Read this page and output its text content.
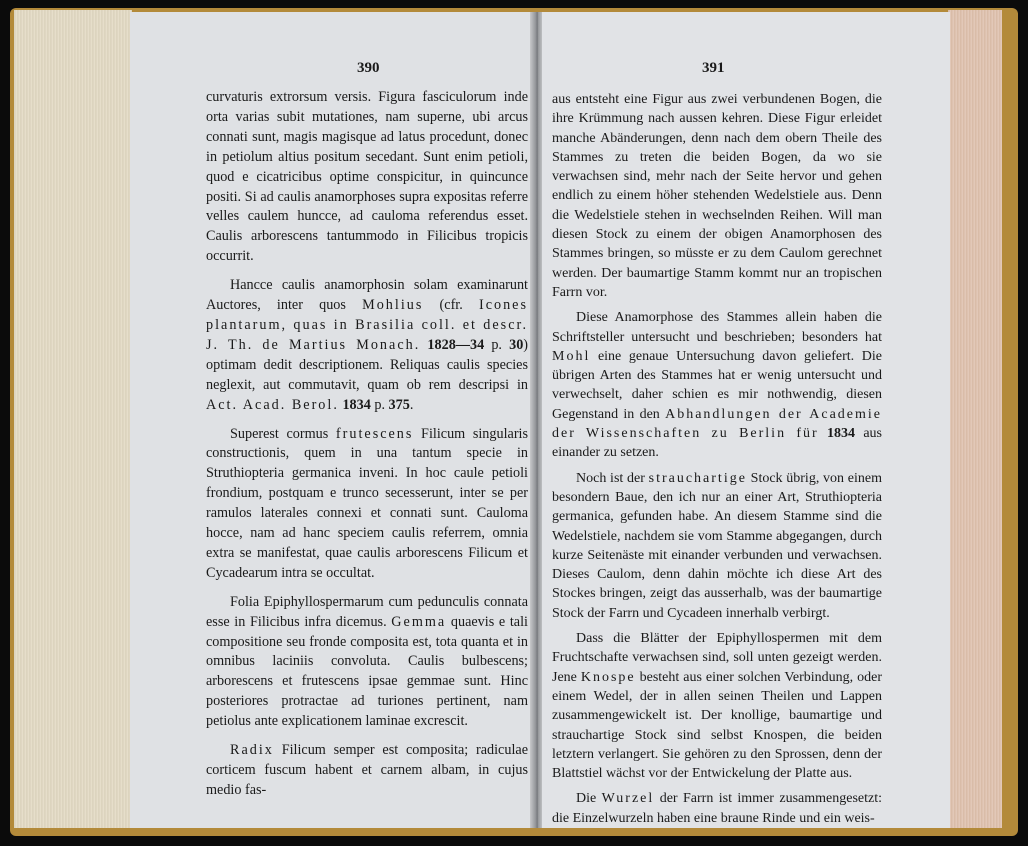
390

curvaturis extrorsum versis. Figura fasciculorum inde orta varias subit mutationes, nam superne, ubi arcus connati sunt, magis magisque ad latus procedunt, donec in petiolum altius positum secedant. Sunt enim petioli, quod e cicatricibus optime conspicitur, in quincunce positi. Si ad caulis anamorphoses supra expositas referre velles caulem huncce, ad cauloma referendus esset. Caulis arborescens tantummodo in Filicibus tropicis occurrit.

Hancce caulis anamorphosin solam examinarunt Auctores, inter quos Mohlius (cfr. Icones plantarum, quas in Brasilia coll. et descr. J. Th. de Martius Monach. 1828—34 p. 30) optimam dedit descriptionem. Reliquas caulis species neglexit, aut commutavit, quam ob rem descripsi in Act. Acad. Berol. 1834 p. 375.

Superest cormus frutescens Filicum singularis constructionis, quem in una tantum specie in Struthiopteria germanica inveni. In hoc caule petioli frondium, postquam e trunco secesserunt, inter se per ramulos laterales connexi et connati sunt. Cauloma hocce, nam ad hanc speciem caulis referrem, omnia extra se manifestat, quae caulis arborescens Filicum et Cycadearum intra se occultat.

Folia Epiphyllospermarum cum pedunculis connata esse in Filicibus infra dicemus. Gemma quaevis e tali compositione seu fronde composita est, tota quanta et in omnibus laciniis convoluta. Caulis bulbescens; arborescens et frutescens ipsae gemmae sunt. Hinc posteriores protractae ad turiones pertinent, nam petiolus ante explicationem laminae excrescit.

Radix Filicum semper est composita; radiculae corticem fuscum habent et carnem albam, in cujus medio fas-

391

aus entsteht eine Figur aus zwei verbundenen Bogen, die ihre Krümmung nach aussen kehren. Diese Figur erleidet manche Abänderungen, denn nach dem obern Theile des Stammes zu treten die beiden Bogen, da wo sie verwachsen sind, mehr nach der Seite hervor und gehen endlich zu einem höher stehenden Wedelstiele aus. Denn die Wedelstiele stehen in wechselnden Reihen. Will man diesen Stock zu einem der obigen Anamorphosen des Stammes bringen, so müsste er zu dem Caulom gerechnet werden. Der baumartige Stamm kommt nur an tropischen Farrn vor.

Diese Anamorphose des Stammes allein haben die Schriftsteller untersucht und beschrieben; besonders hat Mohl eine genaue Untersuchung davon geliefert. Die übrigen Arten des Stammes hat er wenig untersucht und verwechselt, daher schien es mir nothwendig, diesen Gegenstand in den Abhandlungen der Academie der Wissenschaften zu Berlin für 1834 aus einander zu setzen.

Noch ist der strauchartige Stock übrig, von einem besondern Baue, den ich nur an einer Art, Struthiopteria germanica, gefunden habe. An diesem Stamme sind die Wedelstiele, nachdem sie vom Stamme abgegangen, durch kurze Seitenäste mit einander verbunden und verwachsen. Dieses Caulom, denn dahin möchte ich diese Art des Stockes bringen, zeigt das ausserhalb, was der baumartige Stock der Farrn und Cycadeen innerhalb verbirgt.

Dass die Blätter der Epiphyllospermen mit dem Fruchtschafte verwachsen sind, soll unten gezeigt werden. Jene Knospe besteht aus einer solchen Verbindung, oder einem Wedel, der in allen seinen Theilen und Lappen zusammengewickelt ist. Der knollige, baumartige und strauchartige Stock sind selbst Knospen, die beiden letztern verlangert. Sie gehören zu den Sprossen, denn der Blattstiel wächst vor der Entwickelung der Platte aus.

Die Wurzel der Farrn ist immer zusammengesetzt: die Einzelwurzeln haben eine braune Rinde und ein weis-
